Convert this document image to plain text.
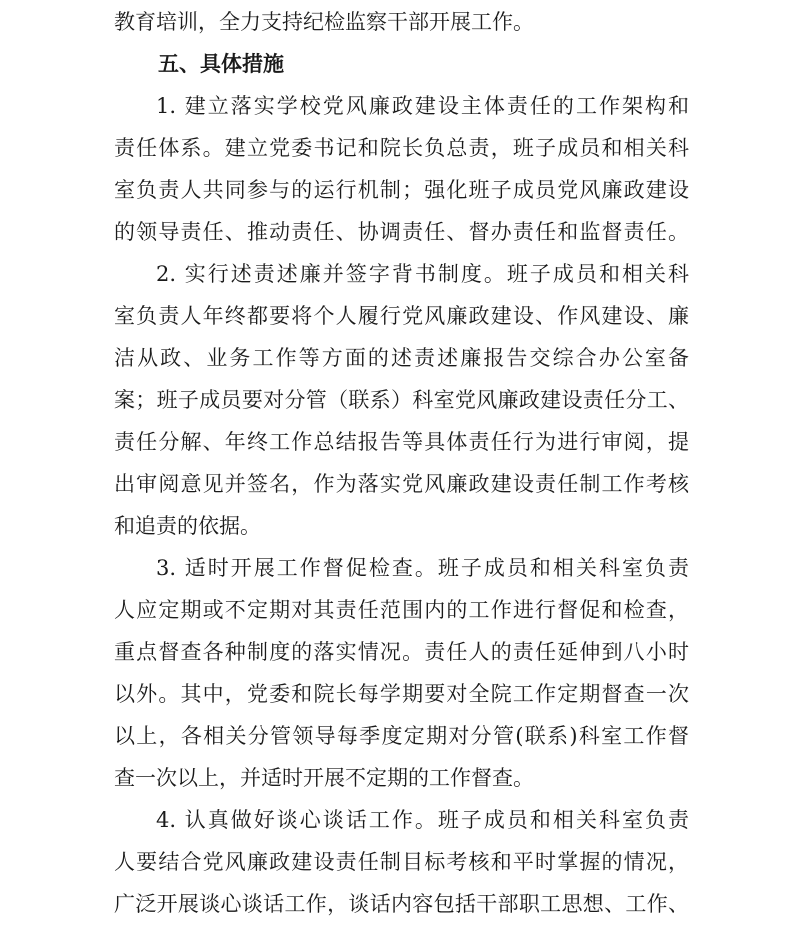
教育培训，全力支持纪检监察干部开展工作。
五、具体措施
1. 建立落实学校党风廉政建设主体责任的工作架构和
责任体系。建立党委书记和院长负总责，班子成员和相关科
室负责人共同参与的运行机制；强化班子成员党风廉政建设
的领导责任、推动责任、协调责任、督办责任和监督责任。
2. 实行述责述廉并签字背书制度。班子成员和相关科
室负责人年终都要将个人履行党风廉政建设、作风建设、廉
洁从政、业务工作等方面的述责述廉报告交综合办公室备
案；班子成员要对分管（联系）科室党风廉政建设责任分工、
责任分解、年终工作总结报告等具体责任行为进行审阅，提
出审阅意见并签名，作为落实党风廉政建设责任制工作考核
和追责的依据。
3. 适时开展工作督促检查。班子成员和相关科室负责
人应定期或不定期对其责任范围内的工作进行督促和检查，
重点督查各种制度的落实情况。责任人的责任延伸到八小时
以外。其中，党委和院长每学期要对全院工作定期督查一次
以上，各相关分管领导每季度定期对分管(联系)科室工作督
查一次以上，并适时开展不定期的工作督查。
4. 认真做好谈心谈话工作。班子成员和相关科室负责
人要结合党风廉政建设责任制目标考核和平时掌握的情况，
广泛开展谈心谈话工作，谈话内容包括干部职工思想、工作、
